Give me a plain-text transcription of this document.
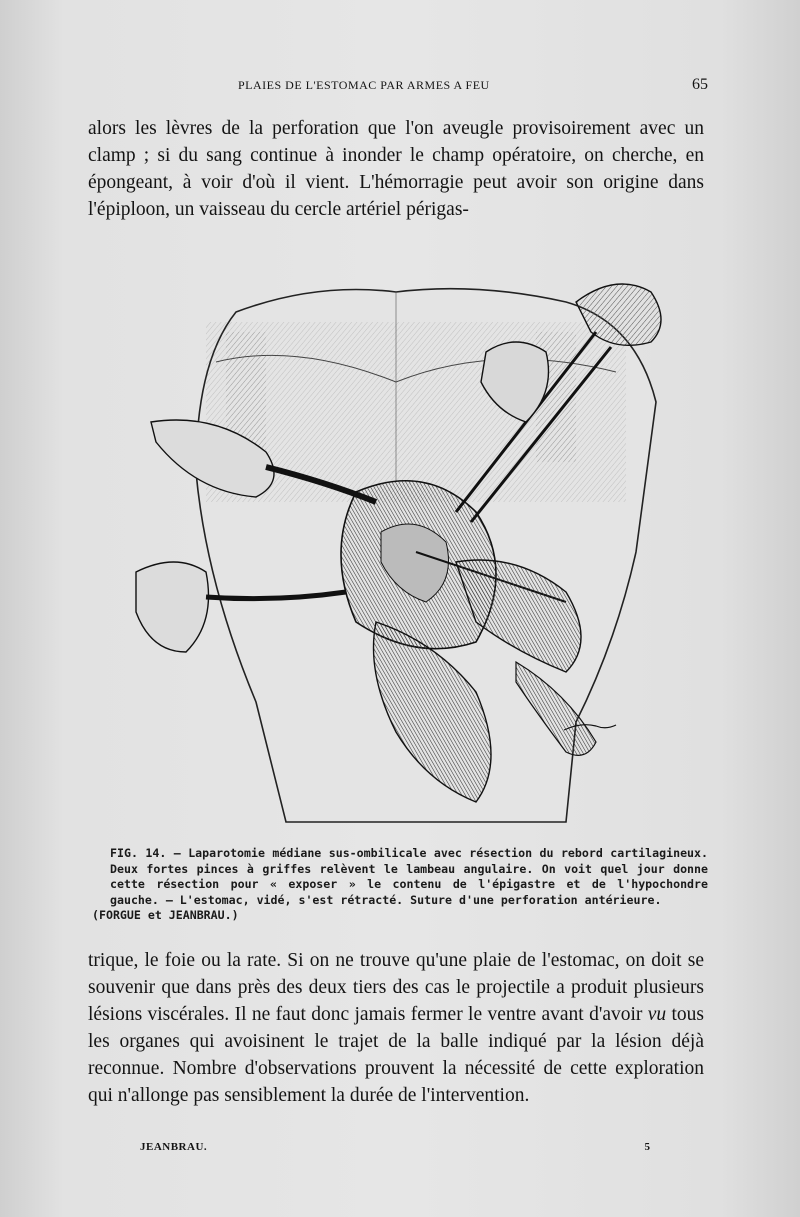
PLAIES DE L'ESTOMAC PAR ARMES A FEU	65

alors les lèvres de la perforation que l'on aveugle provisoirement avec un clamp ; si du sang continue à inonder le champ opératoire, on cherche, en épongeant, à voir d'où il vient. L'hémorragie peut avoir son origine dans l'épiploon, un vaisseau du cercle artériel périgas-

FIG. 14. — Laparotomie médiane sus-ombilicale avec résection du rebord cartilagineux. Deux fortes pinces à griffes relèvent le lambeau angulaire. On voit quel jour donne cette résection pour « exposer » le contenu de l'épigastre et de l'hypochondre gauche. — L'estomac, vidé, s'est rétracté. Suture d'une perforation antérieure.
(FORGUE et JEANBRAU.)

trique, le foie ou la rate. Si on ne trouve qu'une plaie de l'estomac, on doit se souvenir que dans près des deux tiers des cas le projectile a produit plusieurs lésions viscérales. Il ne faut donc jamais fermer le ventre avant d'avoir vu tous les organes qui avoisinent le trajet de la balle indiqué par la lésion déjà reconnue. Nombre d'observations prouvent la nécessité de cette exploration qui n'allonge pas sensiblement la durée de l'intervention.

JEANBRAU.	5
